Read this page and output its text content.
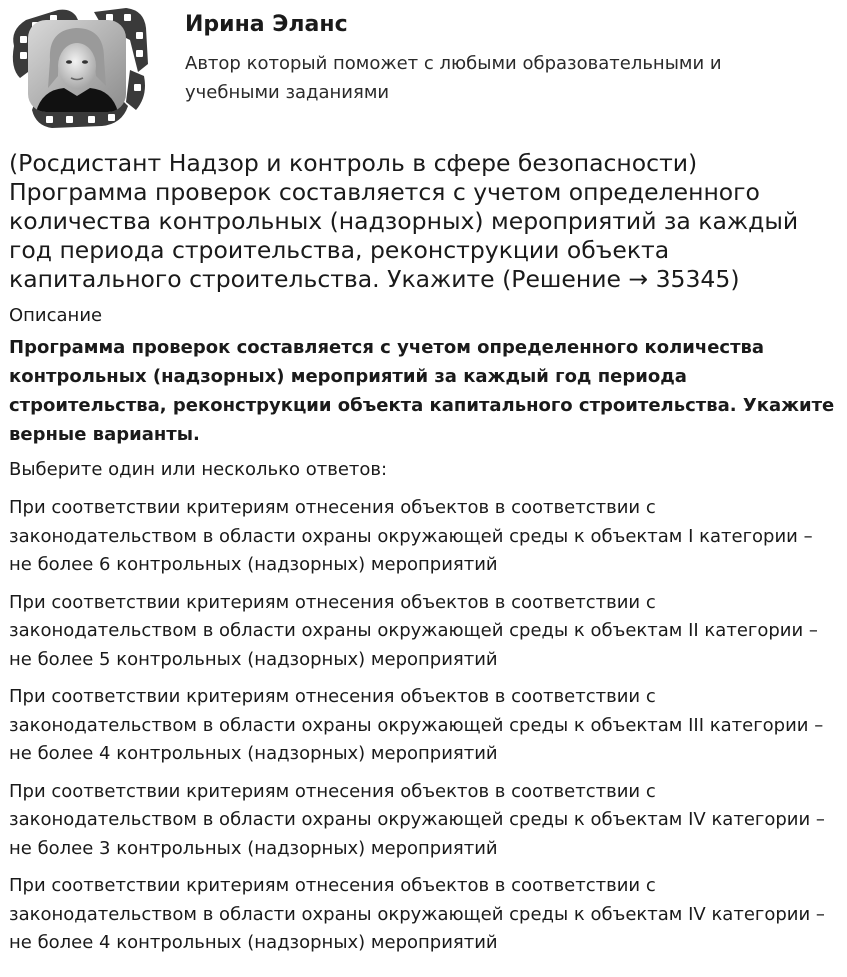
Ирина Эланс

Автор который поможет с любыми образовательными и учебными заданиями

(Росдистант Надзор и контроль в сфере безопасности) Программа проверок составляется с учетом определенного количества контрольных (надзорных) мероприятий за каждый год периода строительства, реконструкции объекта капитального строительства. Укажите (Решение → 35345)
Описание
Программа проверок составляется с учетом определенного количества контрольных (надзорных) мероприятий за каждый год периода строительства, реконструкции объекта капитального строительства. Укажите верные варианты.
Выберите один или несколько ответов:
При соответствии критериям отнесения объектов в соответствии с законодательством в области охраны окружающей среды к объектам I категории – не более 6 контрольных (надзорных) мероприятий
При соответствии критериям отнесения объектов в соответствии с законодательством в области охраны окружающей среды к объектам II категории – не более 5 контрольных (надзорных) мероприятий
При соответствии критериям отнесения объектов в соответствии с законодательством в области охраны окружающей среды к объектам III категории – не более 4 контрольных (надзорных) мероприятий
При соответствии критериям отнесения объектов в соответствии с законодательством в области охраны окружающей среды к объектам IV категории – не более 3 контрольных (надзорных) мероприятий
При соответствии критериям отнесения объектов в соответствии с законодательством в области охраны окружающей среды к объектам IV категории – не более 4 контрольных (надзорных) мероприятий
